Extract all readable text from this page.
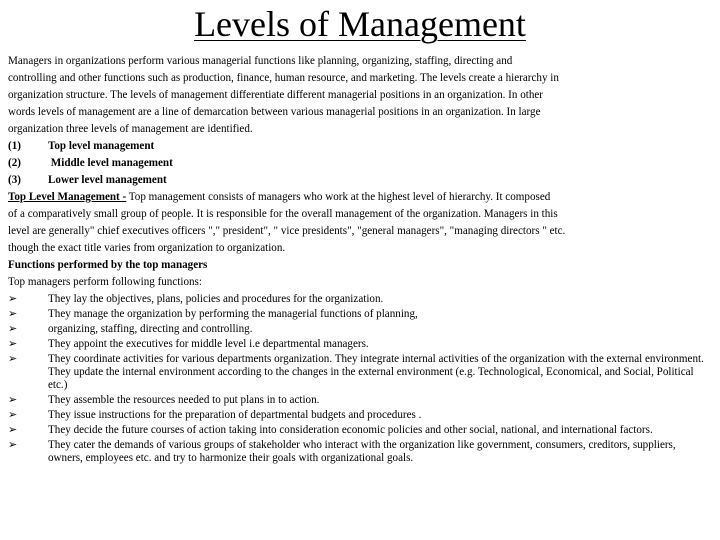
Levels of Management
Managers in organizations perform various managerial functions like planning, organizing, staffing, directing and
controlling and other functions such as production, finance, human resource, and marketing. The levels create a hierarchy in
organization structure. The levels of management differentiate different managerial positions in an organization. In other
words levels of management are a line of demarcation between various managerial positions in an organization. In large
organization three levels of management are identified.
(1) Top level management
(2) Middle level management
(3) Lower level management
Top Level Management - Top management consists of managers who work at the highest level of hierarchy. It composed
of a comparatively small group of people. It is responsible for the overall management of the organization. Managers in this
level are generally" chief executives officers "," president", " vice presidents", "general managers", "managing directors " etc.
though the exact title varies from organization to organization.
Functions performed by the top managers
Top managers perform following functions:
➢	They lay the objectives, plans, policies and procedures for the organization.
➢	They manage the organization by performing the managerial functions of planning,
➢	organizing, staffing, directing and controlling.
➢	They appoint the executives for middle level i.e departmental managers.
➢	They coordinate activities for various departments organization. They integrate internal activities of the organization with the external environment. They update the internal environment according to the changes in the external environment (e.g. Technological, Economical, and Social, Political etc.)
➢	They assemble the resources needed to put plans in to action.
➢	They issue instructions for the preparation of departmental budgets and procedures .
➢	They decide the future courses of action taking into consideration economic policies and other social, national, and international factors.
➢	They cater the demands of various groups of stakeholder who interact with the organization like government, consumers, creditors, suppliers, owners, employees etc. and try to harmonize their goals with organizational goals.
